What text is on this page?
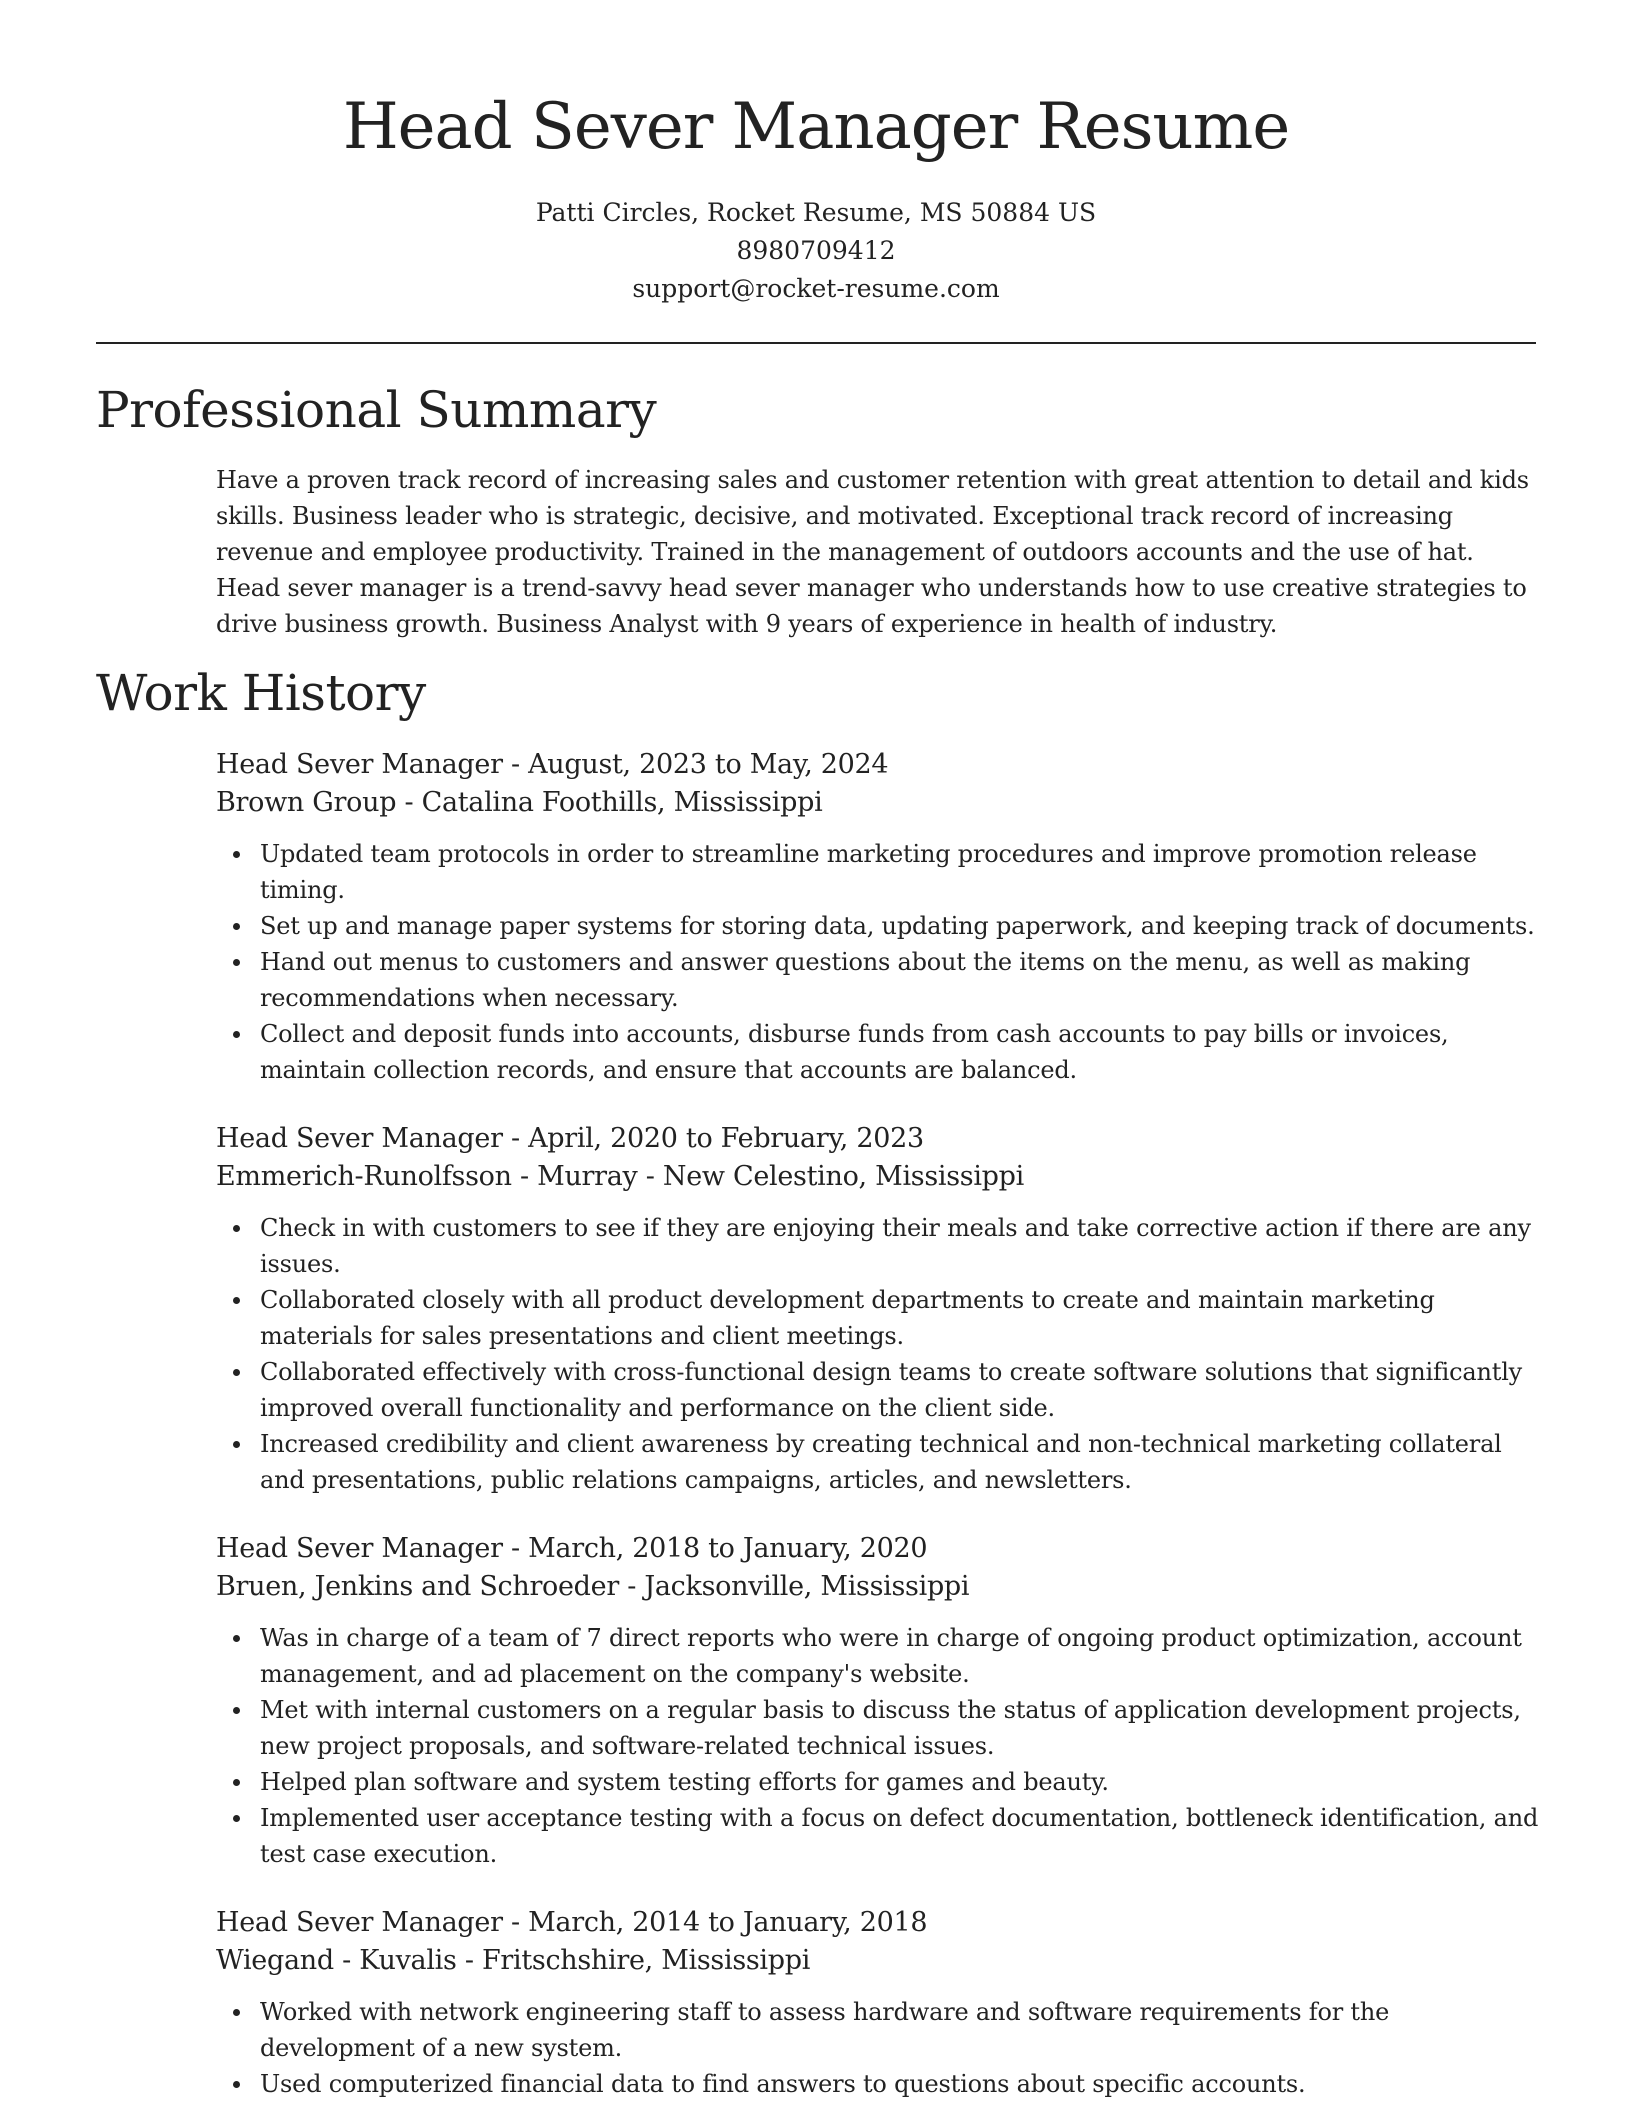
Head Sever Manager Resume
Patti Circles, Rocket Resume, MS 50884 US
8980709412
support@rocket-resume.com
Professional Summary

Have a proven track record of increasing sales and customer retention with great attention to detail and kids skills. Business leader who is strategic, decisive, and motivated. Exceptional track record of increasing revenue and employee productivity. Trained in the management of outdoors accounts and the use of hat. Head sever manager is a trend-savvy head sever manager who understands how to use creative strategies to drive business growth. Business Analyst with 9 years of experience in health of industry.

Work History
Head Sever Manager - August, 2023 to May, 2024
Brown Group - Catalina Foothills, Mississippi
Updated team protocols in order to streamline marketing procedures and improve promotion release timing.
Set up and manage paper systems for storing data, updating paperwork, and keeping track of documents.
Hand out menus to customers and answer questions about the items on the menu, as well as making recommendations when necessary.
Collect and deposit funds into accounts, disburse funds from cash accounts to pay bills or invoices, maintain collection records, and ensure that accounts are balanced.
Head Sever Manager - April, 2020 to February, 2023
Emmerich-Runolfsson - Murray - New Celestino, Mississippi
Check in with customers to see if they are enjoying their meals and take corrective action if there are any issues.
Collaborated closely with all product development departments to create and maintain marketing materials for sales presentations and client meetings.
Collaborated effectively with cross-functional design teams to create software solutions that significantly improved overall functionality and performance on the client side.
Increased credibility and client awareness by creating technical and non-technical marketing collateral and presentations, public relations campaigns, articles, and newsletters.
Head Sever Manager - March, 2018 to January, 2020
Bruen, Jenkins and Schroeder - Jacksonville, Mississippi
Was in charge of a team of 7 direct reports who were in charge of ongoing product optimization, account management, and ad placement on the company's website.
Met with internal customers on a regular basis to discuss the status of application development projects, new project proposals, and software-related technical issues.
Helped plan software and system testing efforts for games and beauty.
Implemented user acceptance testing with a focus on defect documentation, bottleneck identification, and test case execution.
Head Sever Manager - March, 2014 to January, 2018
Wiegand - Kuvalis - Fritschshire, Mississippi
Worked with network engineering staff to assess hardware and software requirements for the development of a new system.
Used computerized financial data to find answers to questions about specific accounts.
